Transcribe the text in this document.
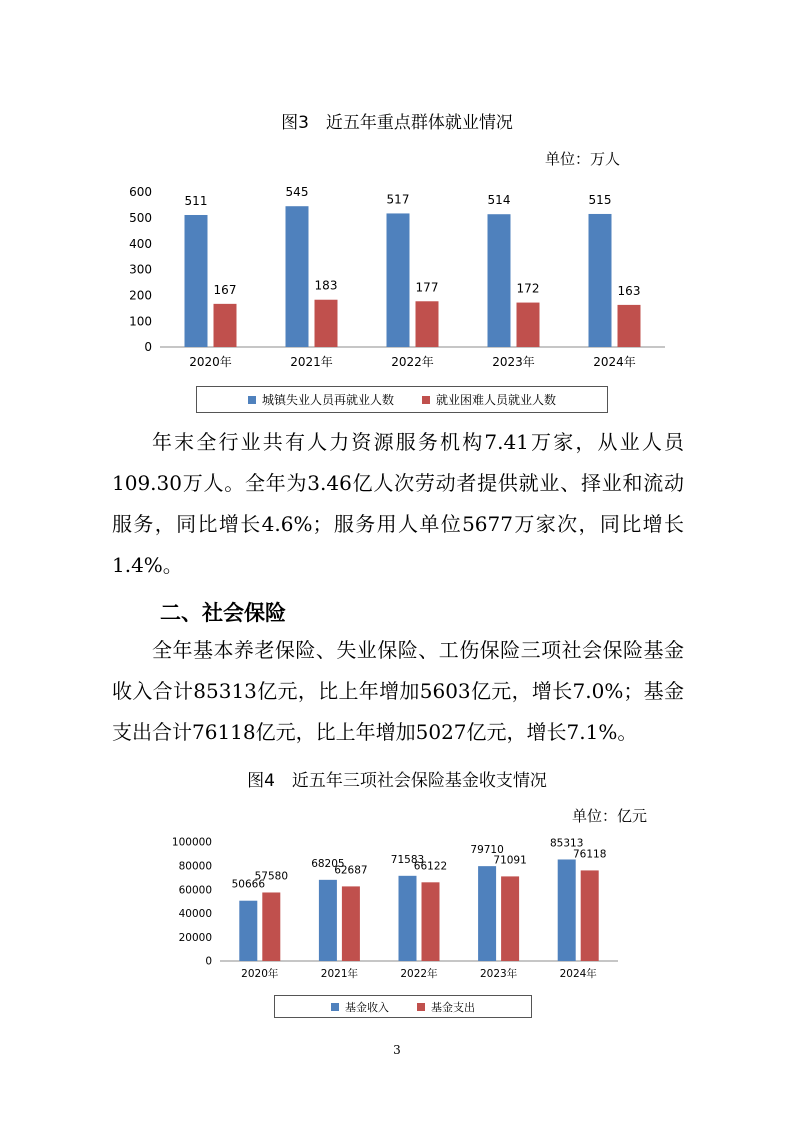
图3　近五年重点群体就业情况
单位：万人
0
100
200
300
400
500
600
2020年
511
167
2021年
545
183
2022年
517
177
2023年
514
172
2024年
515
163
城镇失业人员再就业人数	就业困难人员就业人数

年末全行业共有人力资源服务机构7.41万家，从业人员109.30万人。全年为3.46亿人次劳动者提供就业、择业和流动服务，同比增长4.6%；服务用人单位5677万家次，同比增长1.4%。

二、社会保险

全年基本养老保险、失业保险、工伤保险三项社会保险基金收入合计85313亿元，比上年增加5603亿元，增长7.0%；基金支出合计76118亿元，比上年增加5027亿元，增长7.1%。

图4　近五年三项社会保险基金收支情况
单位：亿元
0
20000
40000
60000
80000
100000
2020年
50666
57580
2021年
68205
62687
2022年
71583
66122
2023年
79710
71091
2024年
85313
76118
基金收入	基金支出
3
